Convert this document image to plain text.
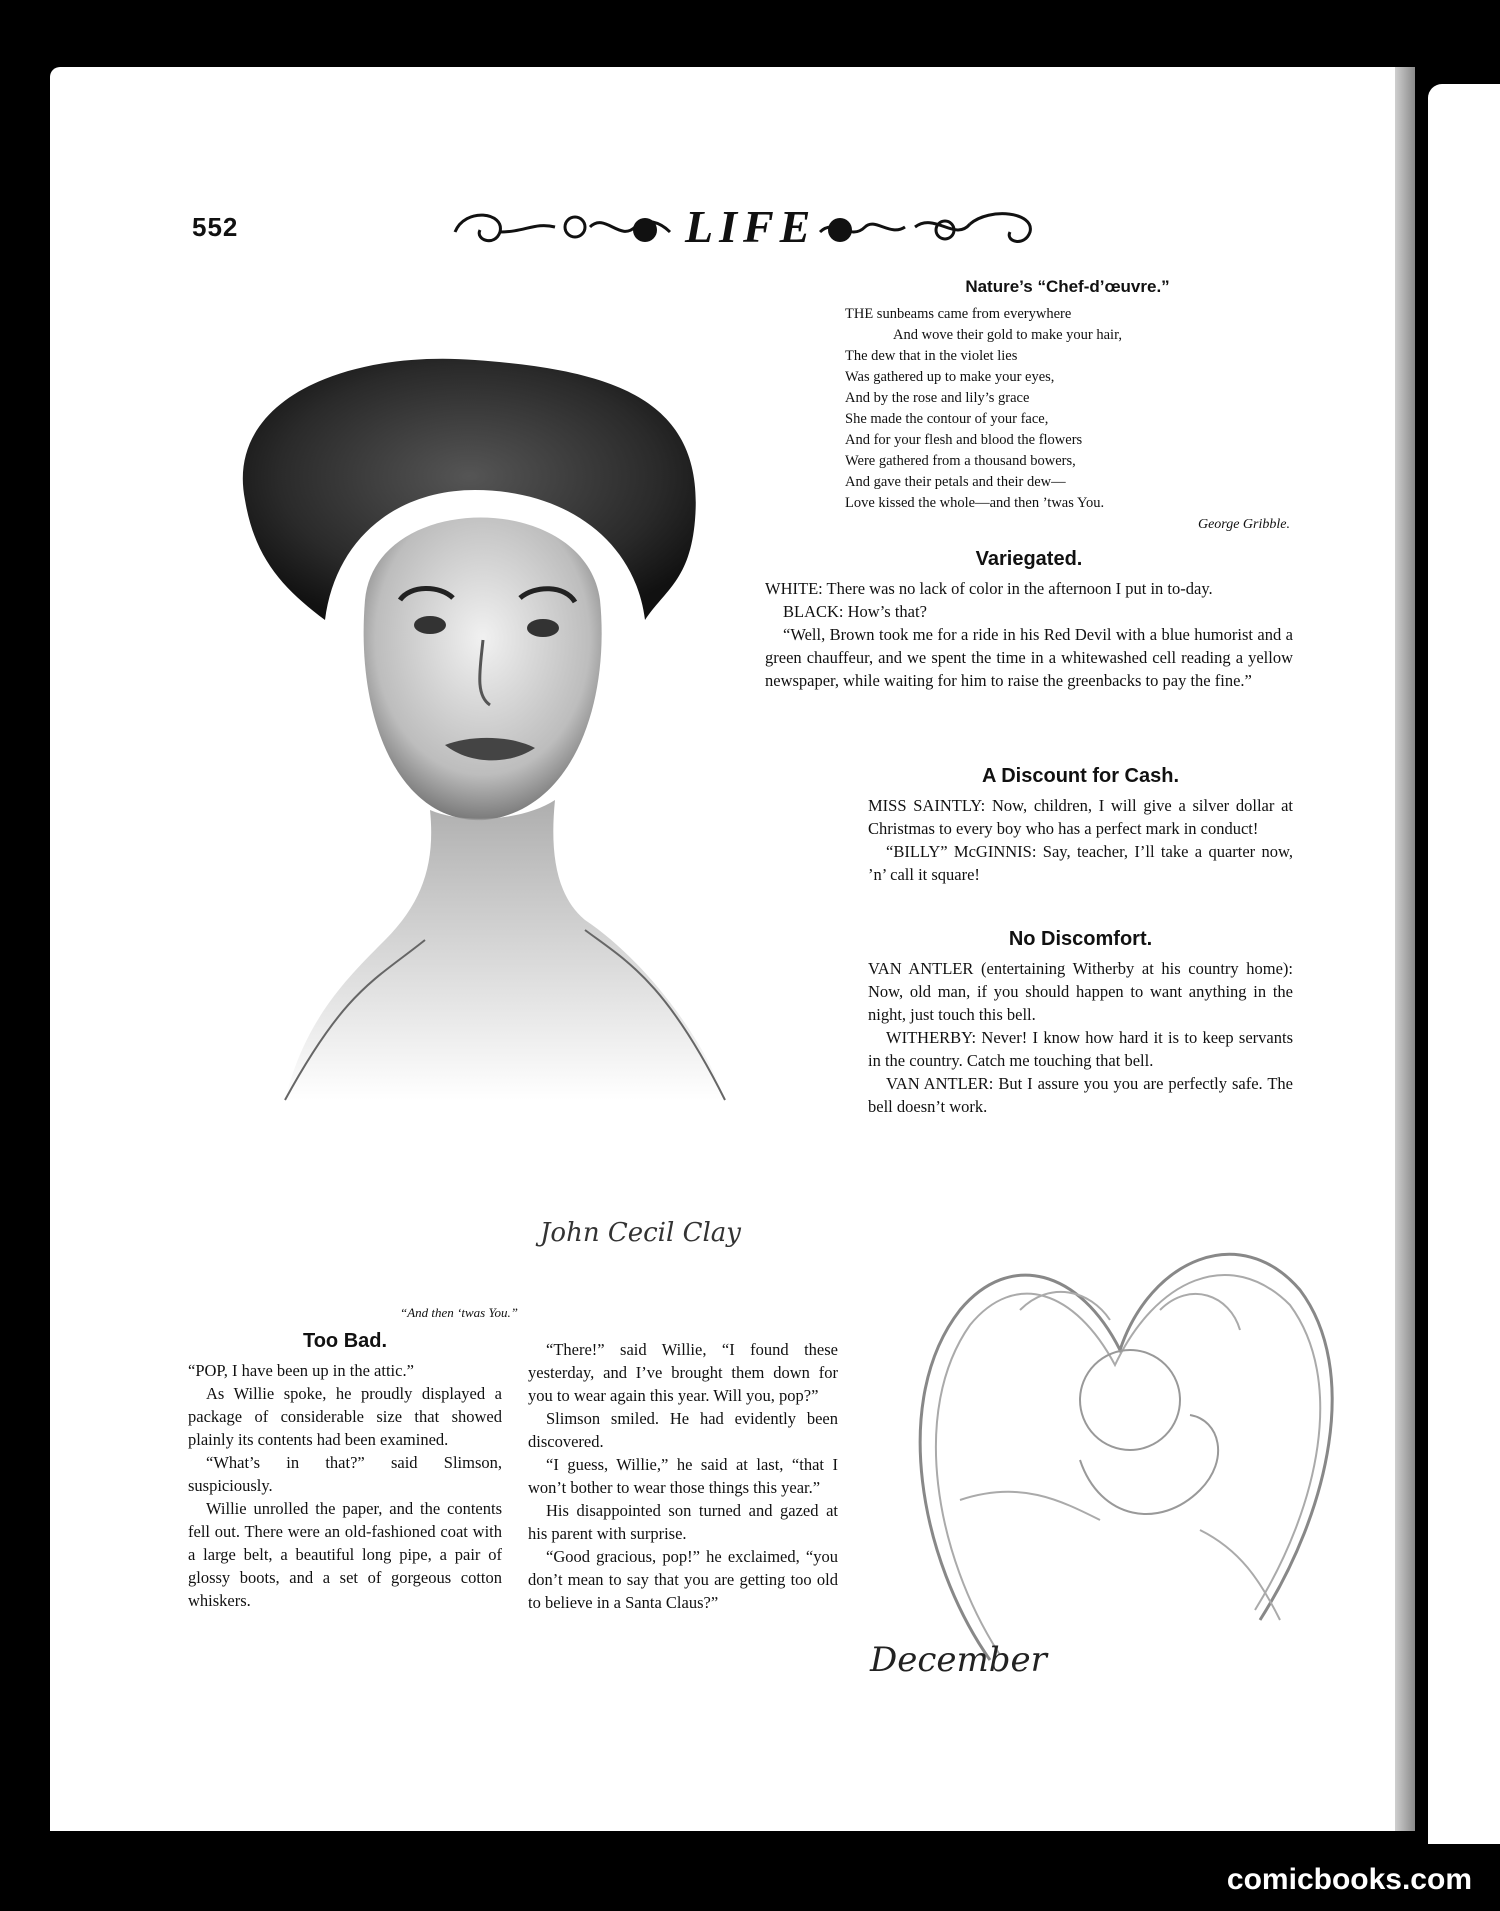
comicbooks.com
552	LIFE
John Cecil Clay
“And then ‘twas You.”
Nature’s “Chef-d’œuvre.”
THE sunbeams came from everywhere
And wove their gold to make your hair,
The dew that in the violet lies
Was gathered up to make your eyes,
And by the rose and lily’s grace
She made the contour of your face,
And for your flesh and blood the flowers
Were gathered from a thousand bowers,
And gave their petals and their dew—
Love kissed the whole—and then ’twas You.
George Gribble.
Variegated.

WHITE: There was no lack of color in the afternoon I put in to-day.

BLACK: How’s that?

“Well, Brown took me for a ride in his Red Devil with a blue humorist and a green chauffeur, and we spent the time in a whitewashed cell reading a yellow newspaper, while waiting for him to raise the greenbacks to pay the fine.”

A Discount for Cash.

MISS SAINTLY: Now, children, I will give a silver dollar at Christmas to every boy who has a perfect mark in conduct!

“BILLY” McGINNIS: Say, teacher, I’ll take a quarter now, ’n’ call it square!

No Discomfort.

VAN ANTLER (entertaining Witherby at his country home): Now, old man, if you should happen to want anything in the night, just touch this bell.

WITHERBY: Never! I know how hard it is to keep servants in the country. Catch me touching that bell.

VAN ANTLER: But I assure you you are perfectly safe. The bell doesn’t work.

Too Bad.

“POP, I have been up in the attic.”

As Willie spoke, he proudly displayed a package of considerable size that showed plainly its contents had been examined.

“What’s in that?” said Slimson, suspiciously.

Willie unrolled the paper, and the contents fell out. There were an old-fashioned coat with a large belt, a beautiful long pipe, a pair of glossy boots, and a set of gorgeous cotton whiskers.

“There!” said Willie, “I found these yesterday, and I’ve brought them down for you to wear again this year. Will you, pop?”

Slimson smiled. He had evidently been discovered.

“I guess, Willie,” he said at last, “that I won’t bother to wear those things this year.”

His disappointed son turned and gazed at his parent with surprise.

“Good gracious, pop!” he exclaimed, “you don’t mean to say that you are getting too old to believe in a Santa Claus?”

December
